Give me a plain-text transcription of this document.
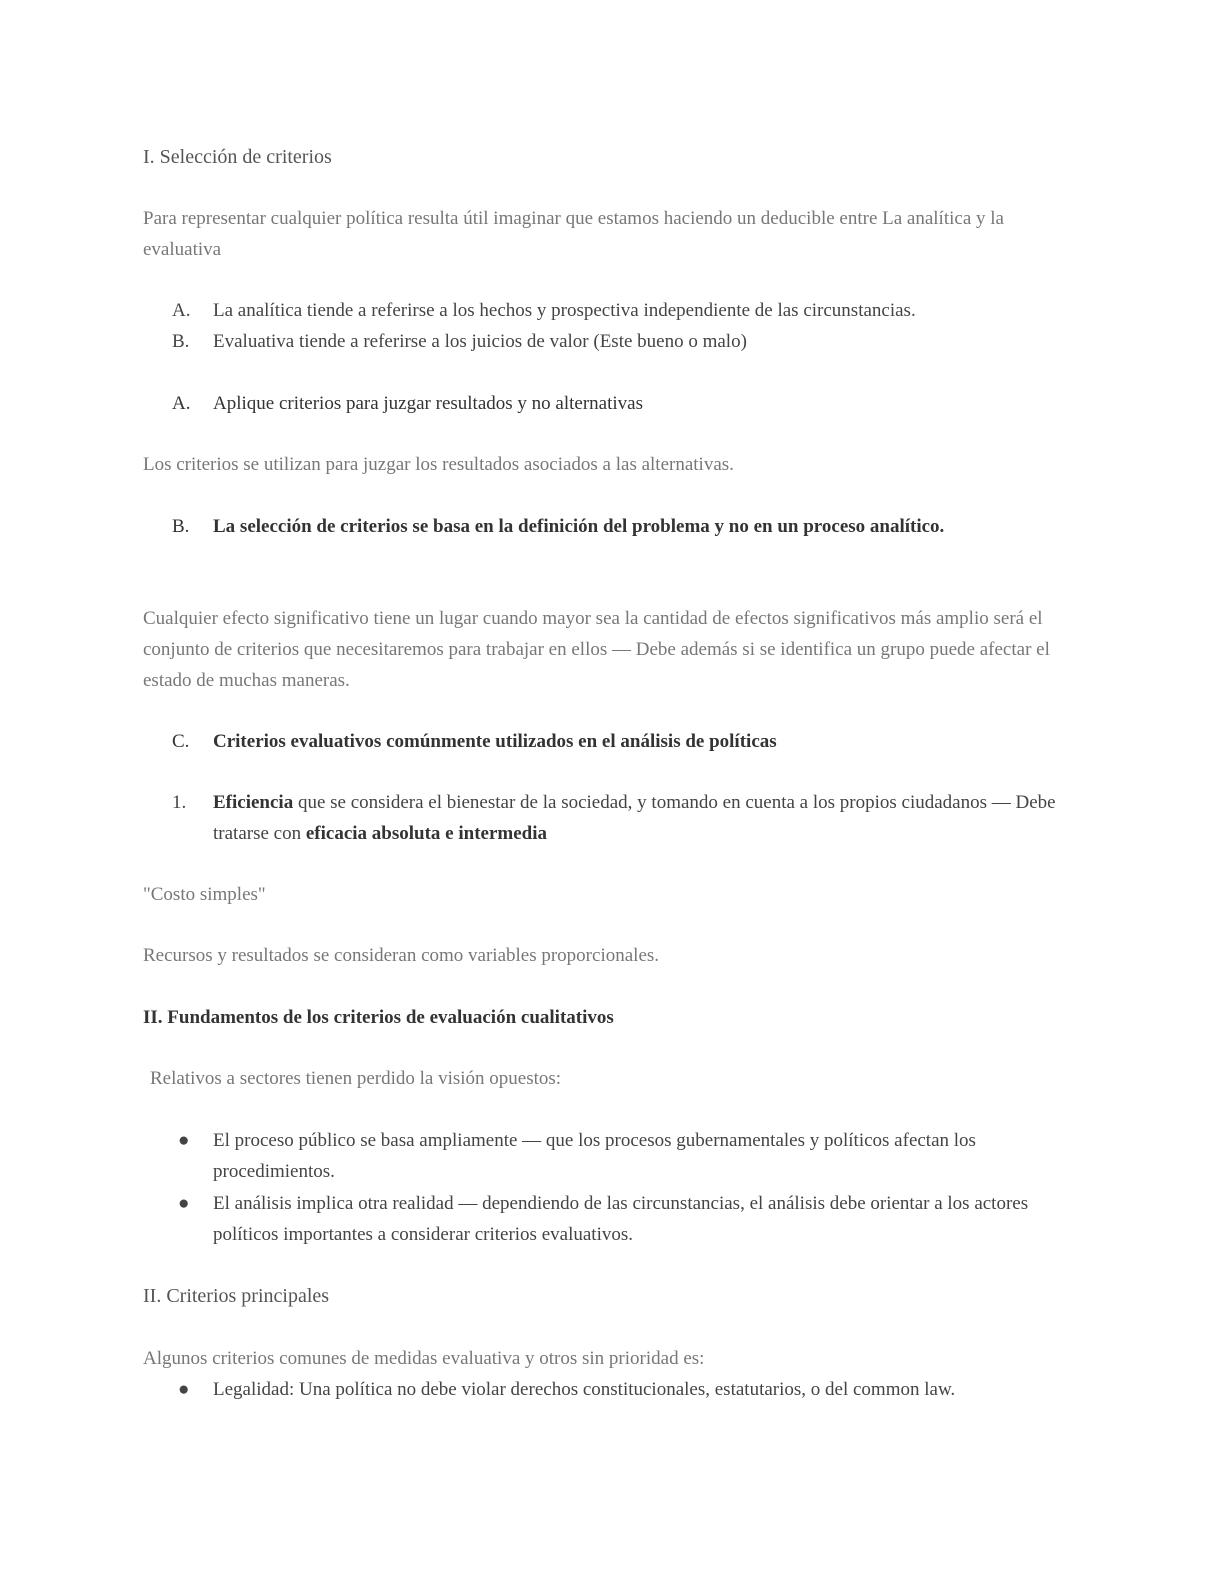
I. Selección de criterios

Para representar cualquier política resulta útil imaginar que estamos haciendo un deducible entre La analítica y la evaluativa

A.	La analítica tiende a referirse a los hechos y prospectiva independiente de las circunstancias.

B.	Evaluativa tiende a referirse a los juicios de valor (Este bueno o malo)

A.	Aplique criterios para juzgar resultados y no alternativas

Los criterios se utilizan para juzgar los resultados asociados a las alternativas.

B.	La selección de criterios se basa en la definición del problema y no en un proceso analítico.

Cualquier efecto significativo tiene un lugar cuando mayor sea la cantidad de efectos significativos más amplio será el conjunto de criterios que necesitaremos para trabajar en ellos — Debe además si se identifica un grupo puede afectar el estado de muchas maneras.

C.	Criterios evaluativos comúnmente utilizados en el análisis de políticas

1.	Eficiencia que se considera el bienestar de la sociedad, y tomando en cuenta a los propios ciudadanos — Debe tratarse con eficacia absoluta e intermedia

"Costo simples"

Recursos y resultados se consideran como variables proporcionales.

II. Fundamentos de los criterios de evaluación cualitativos

Relativos a sectores tienen perdido la visión opuestos:

●	El proceso público se basa ampliamente — que los procesos gubernamentales y políticos afectan los procedimientos.

●	El análisis implica otra realidad — dependiendo de las circunstancias, el análisis debe orientar a los actores políticos importantes a considerar criterios evaluativos.

II. Criterios principales

Algunos criterios comunes de medidas evaluativa y otros sin prioridad es:

●	Legalidad: Una política no debe violar derechos constitucionales, estatutarios, o del common law.
